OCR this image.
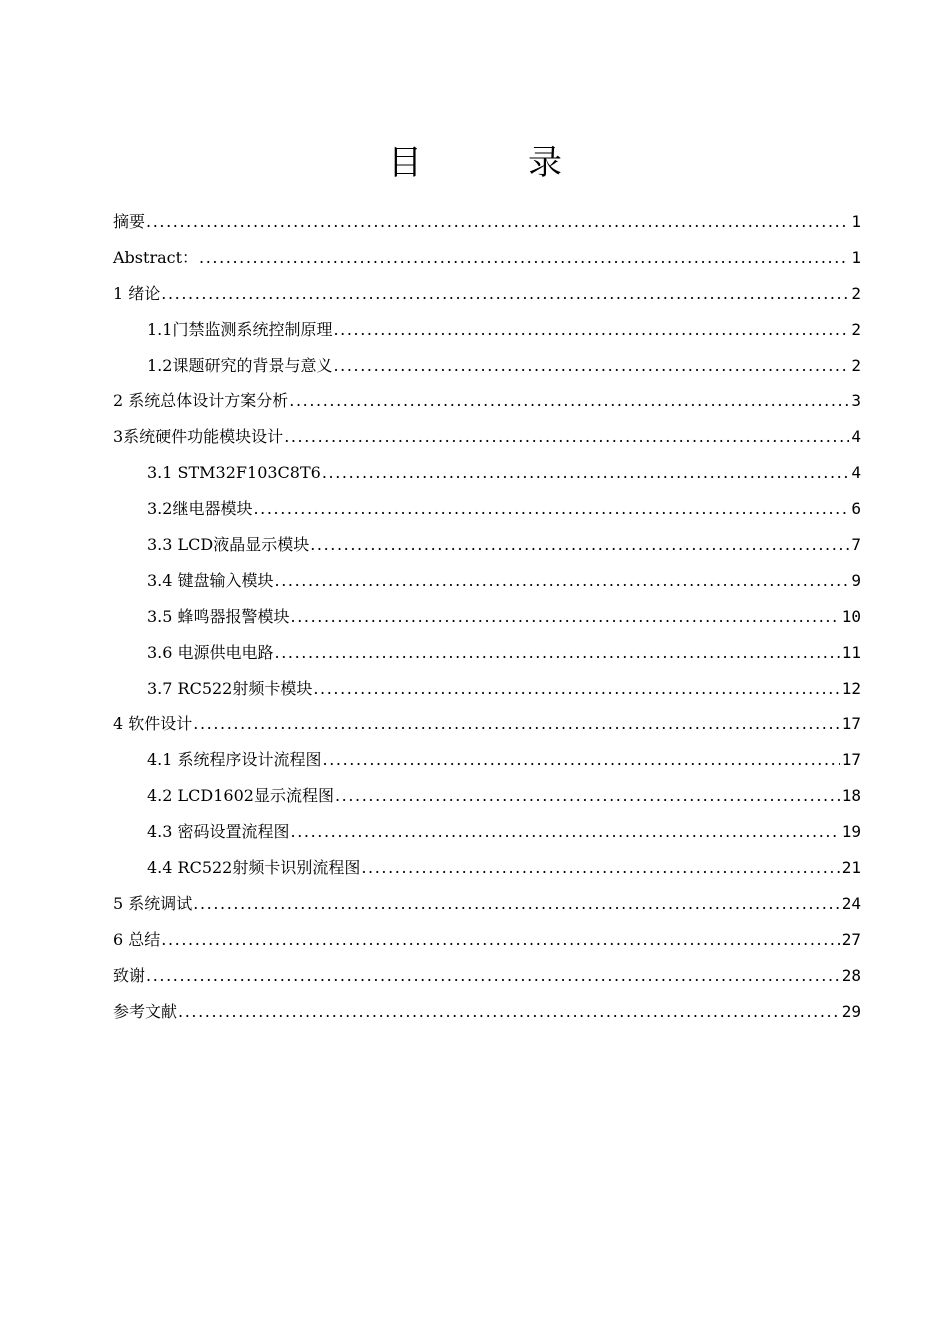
目　录
摘要 .....	1
Abstract： .....	1
1 绪论 .....	2
1.1门禁监测系统控制原理 .....	2
1.2课题研究的背景与意义 .....	2
2 系统总体设计方案分析 .....	3
3系统硬件功能模块设计 .....	4
3.1 STM32F103C8T6 .....	4
3.2继电器模块 .....	6
3.3 LCD液晶显示模块 .....	7
3.4 键盘输入模块 .....	9
3.5 蜂鸣器报警模块 .....	10
3.6 电源供电电路 .....	11
3.7 RC522射频卡模块 .....	12
4 软件设计 .....	17
4.1 系统程序设计流程图 .....	17
4.2 LCD1602显示流程图 .....	18
4.3 密码设置流程图 .....	19
4.4 RC522射频卡识别流程图 .....	21
5 系统调试 .....	24
6 总结 .....	27
致谢 .....	28
参考文献 .....	29
